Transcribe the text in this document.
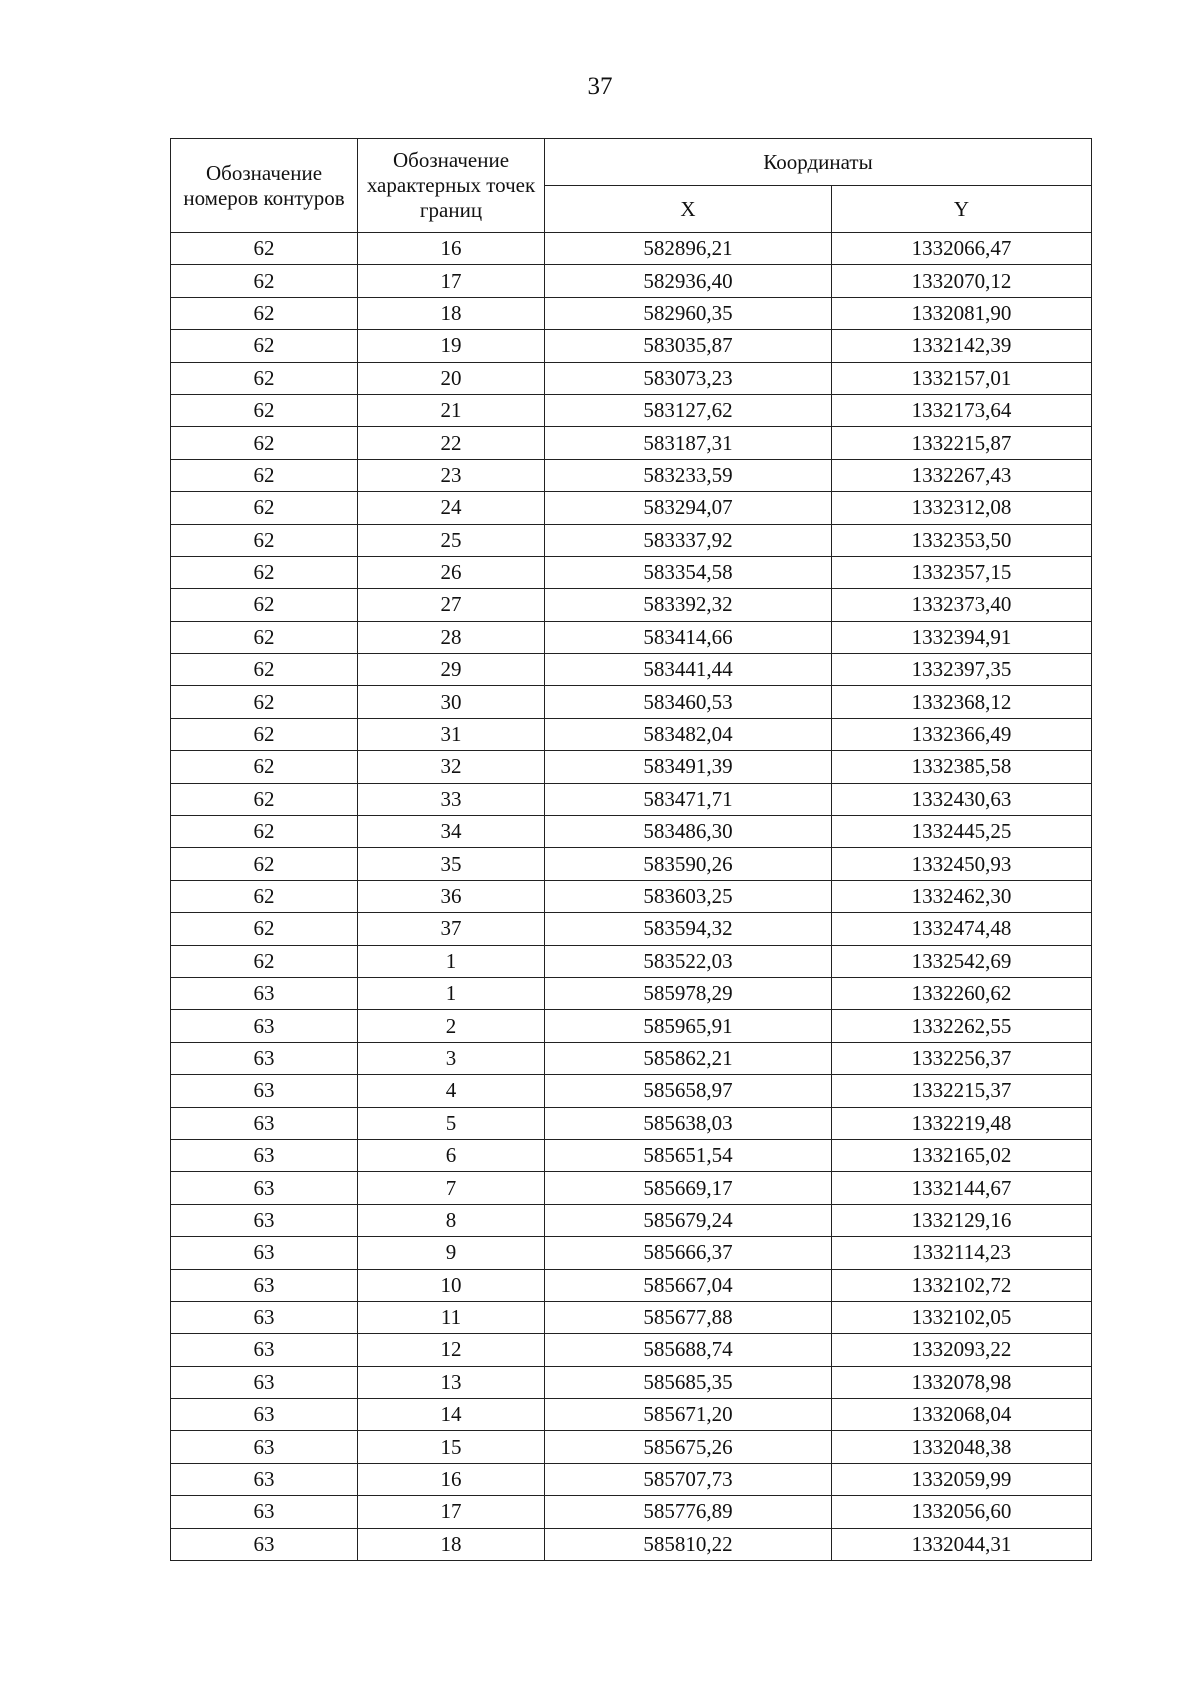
37
Обозначение номеров контуров	Обозначение характерных точек границ	Координаты	
		X	Y
62	16	582896,21	1332066,47
62	17	582936,40	1332070,12
62	18	582960,35	1332081,90
62	19	583035,87	1332142,39
62	20	583073,23	1332157,01
62	21	583127,62	1332173,64
62	22	583187,31	1332215,87
62	23	583233,59	1332267,43
62	24	583294,07	1332312,08
62	25	583337,92	1332353,50
62	26	583354,58	1332357,15
62	27	583392,32	1332373,40
62	28	583414,66	1332394,91
62	29	583441,44	1332397,35
62	30	583460,53	1332368,12
62	31	583482,04	1332366,49
62	32	583491,39	1332385,58
62	33	583471,71	1332430,63
62	34	583486,30	1332445,25
62	35	583590,26	1332450,93
62	36	583603,25	1332462,30
62	37	583594,32	1332474,48
62	1	583522,03	1332542,69
63	1	585978,29	1332260,62
63	2	585965,91	1332262,55
63	3	585862,21	1332256,37
63	4	585658,97	1332215,37
63	5	585638,03	1332219,48
63	6	585651,54	1332165,02
63	7	585669,17	1332144,67
63	8	585679,24	1332129,16
63	9	585666,37	1332114,23
63	10	585667,04	1332102,72
63	11	585677,88	1332102,05
63	12	585688,74	1332093,22
63	13	585685,35	1332078,98
63	14	585671,20	1332068,04
63	15	585675,26	1332048,38
63	16	585707,73	1332059,99
63	17	585776,89	1332056,60
63	18	585810,22	1332044,31
